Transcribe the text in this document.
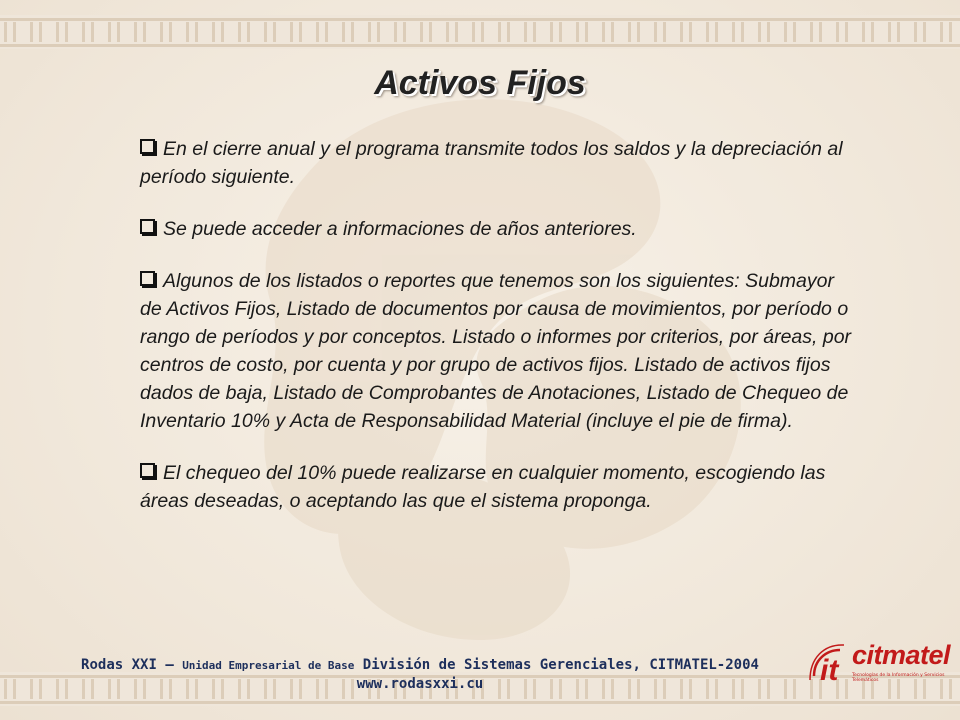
Activos Fijos
En el cierre anual y el programa transmite todos los saldos y la depreciación al período siguiente.
Se puede acceder a informaciones de años anteriores.
Algunos de los listados o reportes que tenemos son los siguientes: Submayor de Activos Fijos, Listado de documentos por causa de movimientos, por período o rango de períodos y por conceptos. Listado o informes por criterios, por áreas, por centros de costo, por cuenta y por grupo de activos fijos. Listado de activos fijos dados de baja, Listado de Comprobantes de Anotaciones, Listado de Chequeo de Inventario 10% y Acta de Responsabilidad Material (incluye el pie de firma).
El chequeo del 10% puede realizarse en cualquier momento, escogiendo las áreas deseadas, o aceptando las que el sistema proponga.
Rodas XXI – Unidad Empresarial de Base División de Sistemas Gerenciales, CITMATEL-2004 www.rodasxxi.cu	it citmatel
Tecnologías de la Información y Servicios Telemáticos
